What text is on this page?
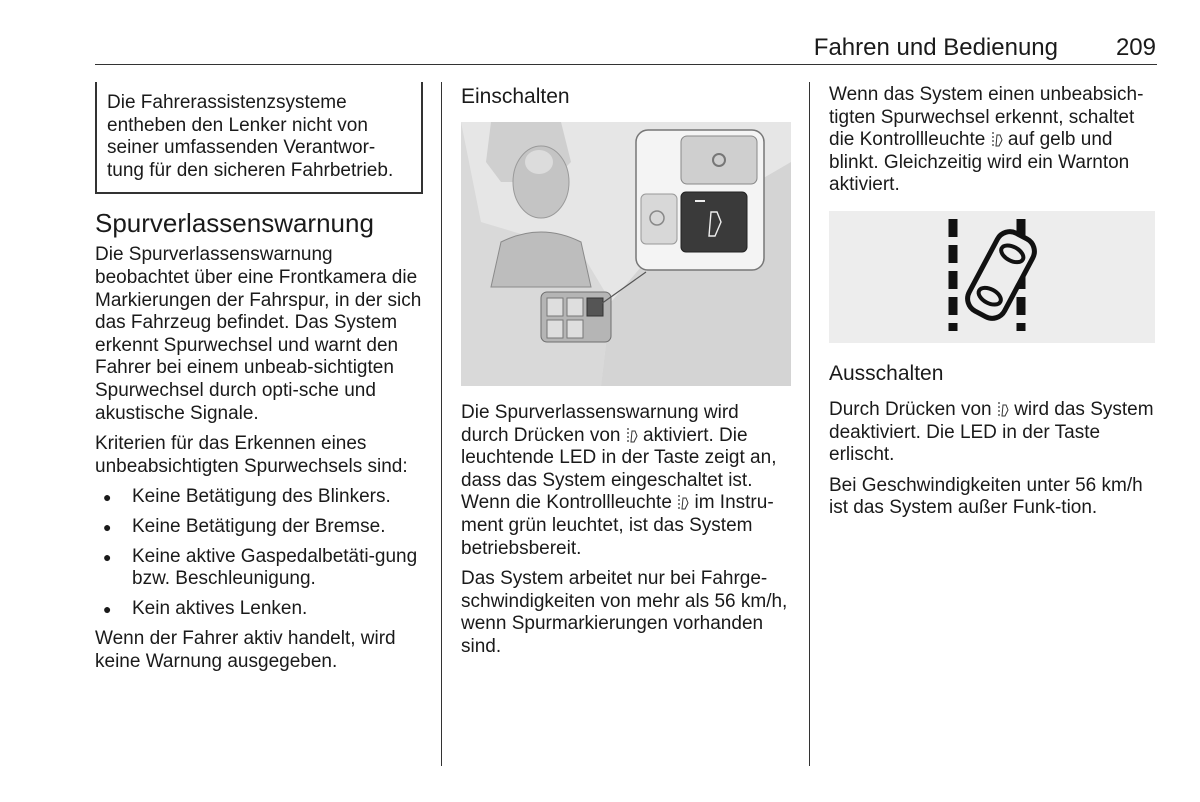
Fahren und Bedienung 209
Die Fahrerassistenzsysteme entheben den Lenker nicht von seiner umfassenden Verantwor-tung für den sicheren Fahrbetrieb.
Spurverlassenswarnung

Die Spurverlassenswarnung beobachtet über eine Frontkamera die Markierungen der Fahrspur, in der sich das Fahrzeug befindet. Das System erkennt Spurwechsel und warnt den Fahrer bei einem unbeab-sichtigten Spurwechsel durch opti-sche und akustische Signale.

Kriterien für das Erkennen eines unbeabsichtigten Spurwechsels sind:

● Keine Betätigung des Blinkers.
● Keine Betätigung der Bremse.
● Keine aktive Gaspedalbetäti-gung bzw. Beschleunigung.
● Kein aktives Lenken.

Wenn der Fahrer aktiv handelt, wird keine Warnung ausgegeben.

Einschalten

Die Spurverlassenswarnung wird durch Drücken von aktiviert. Die leuchtende LED in der Taste zeigt an, dass das System eingeschaltet ist. Wenn die Kontrollleuchte im Instru-ment grün leuchtet, ist das System betriebsbereit.

Das System arbeitet nur bei Fahrge-schwindigkeiten von mehr als 56 km/h, wenn Spurmarkierungen vorhanden sind.

Wenn das System einen unbeabsich-tigten Spurwechsel erkennt, schaltet die Kontrollleuchte auf gelb und blinkt. Gleichzeitig wird ein Warnton aktiviert.

Ausschalten

Durch Drücken von wird das System deaktiviert. Die LED in der Taste erlischt.

Bei Geschwindigkeiten unter 56 km/h ist das System außer Funk-tion.
